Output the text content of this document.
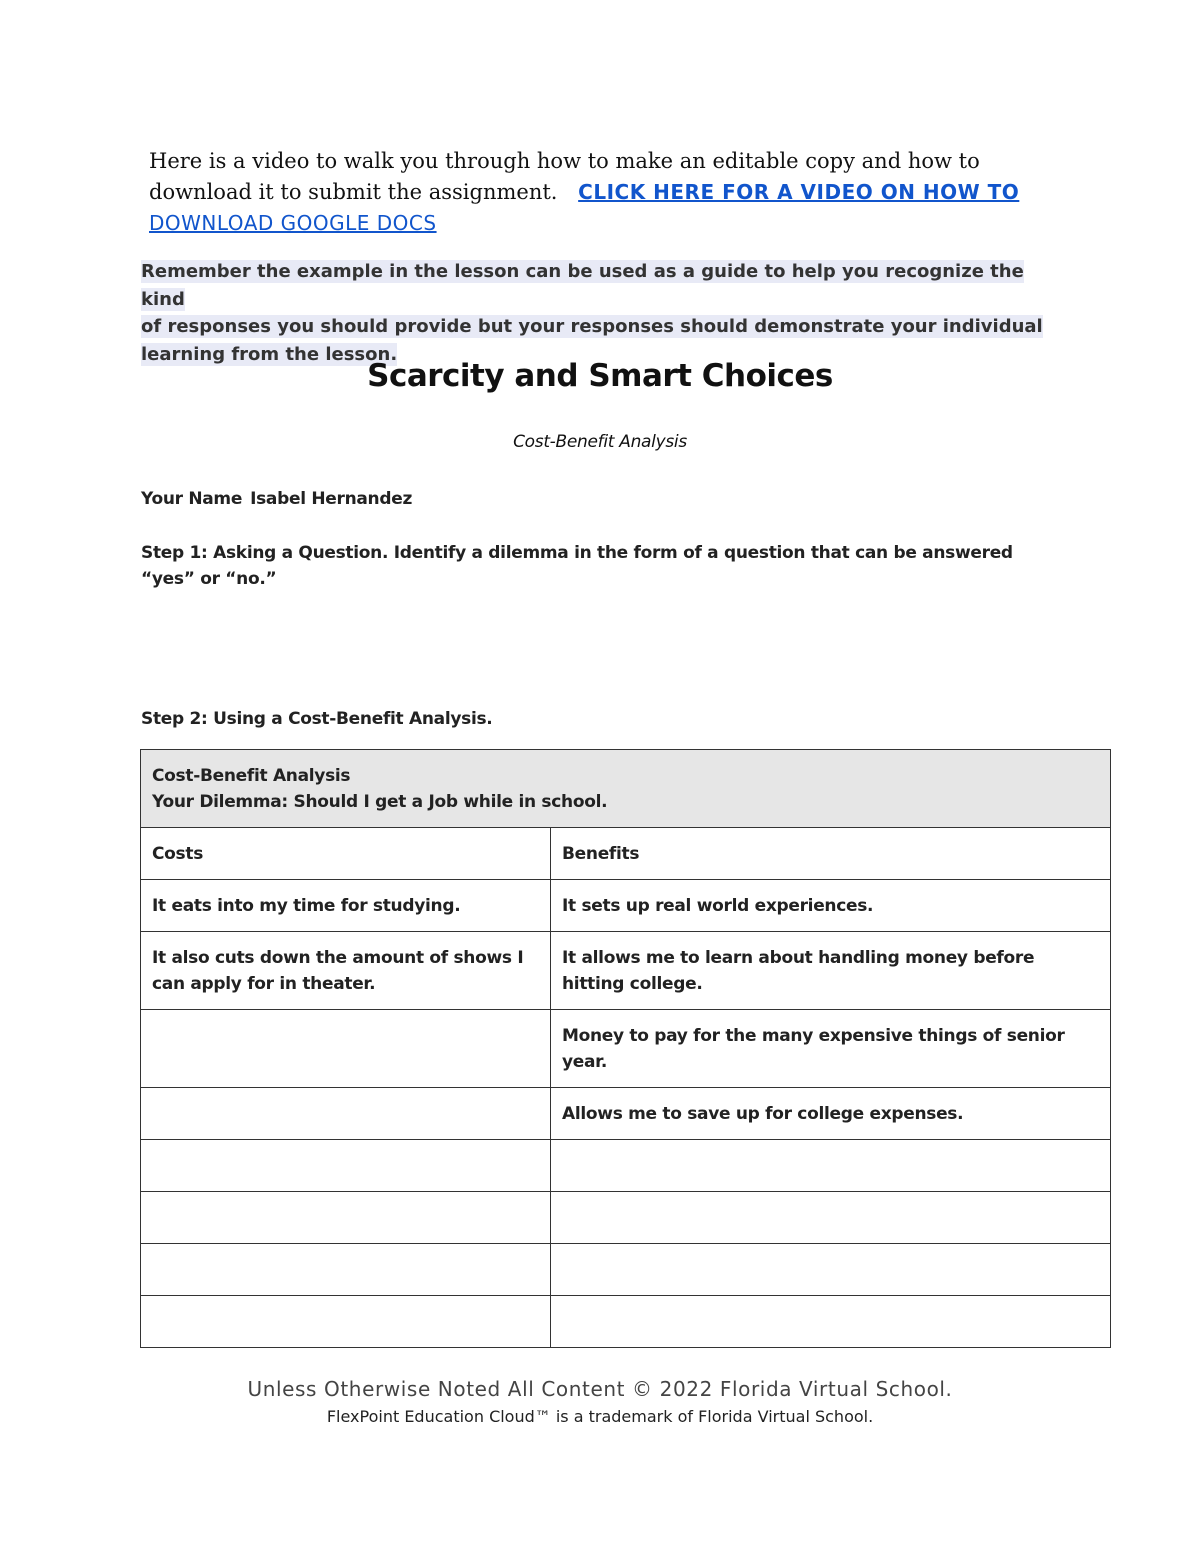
Here is a video to walk you through how to make an editable copy and how to
download it to submit the assignment. CLICK HERE FOR A VIDEO ON HOW TO DOWNLOAD GOOGLE DOCS
Remember the example in the lesson can be used as a guide to help you recognize the kind
of responses you should provide but your responses should demonstrate your individual
learning from the lesson.
Scarcity and Smart Choices
Cost-Benefit Analysis
Your Name Isabel Hernandez
Step 1: Asking a Question. Identify a dilemma in the form of a question that can be answered “yes” or “no.”
Step 2: Using a Cost-Benefit Analysis.
Cost-Benefit Analysis
Your Dilemma: Should I get a Job while in school.	

Costs	Benefits
It eats into my time for studying.	It sets up real world experiences.
It also cuts down the amount of shows I can apply for in theater.	It allows me to learn about handling money before hitting college.
	Money to pay for the many expensive things of senior year.
	Allows me to save up for college expenses.

Unless Otherwise Noted All Content © 2022 Florida Virtual School.
FlexPoint Education Cloud™ is a trademark of Florida Virtual School.
